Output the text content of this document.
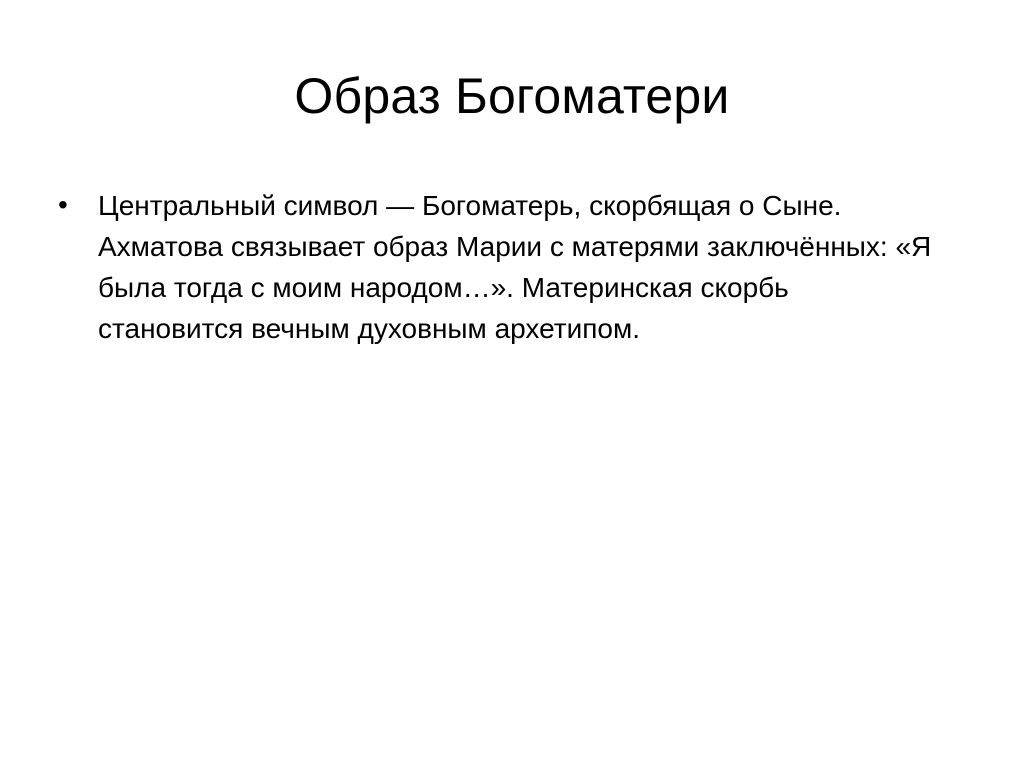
Образ Богоматери
•	Центральный символ — Богоматерь, скорбящая о Сыне. Ахматова связывает образ Марии с матерями заключённых: «Я была тогда с моим народом…». Материнская скорбь становится вечным духовным архетипом.
